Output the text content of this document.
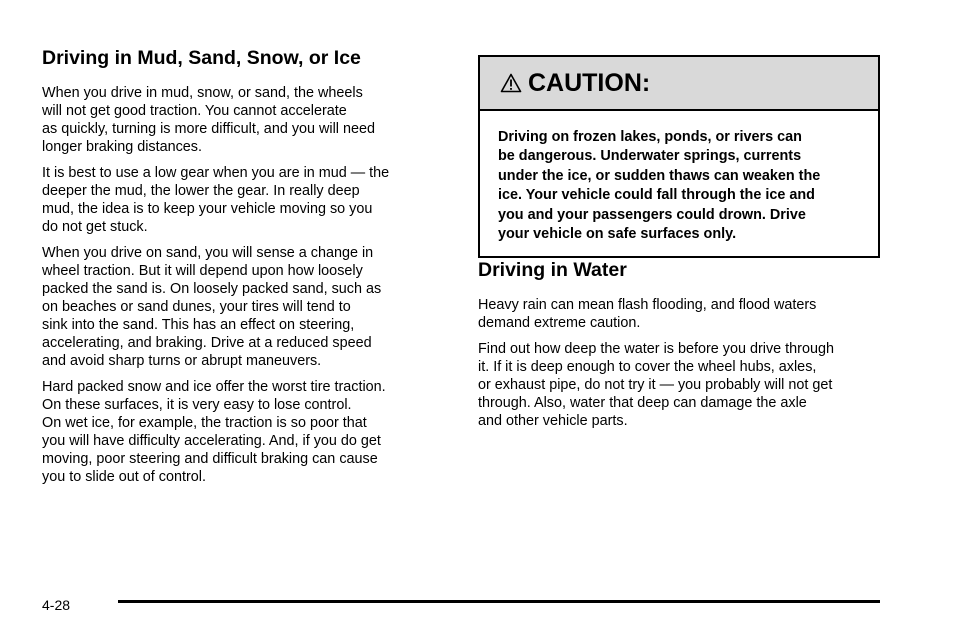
Driving in Mud, Sand, Snow, or Ice

When you drive in mud, snow, or sand, the wheels
will not get good traction. You cannot accelerate
as quickly, turning is more difficult, and you will need
longer braking distances.

It is best to use a low gear when you are in mud — the
deeper the mud, the lower the gear. In really deep
mud, the idea is to keep your vehicle moving so you
do not get stuck.

When you drive on sand, you will sense a change in
wheel traction. But it will depend upon how loosely
packed the sand is. On loosely packed sand, such as
on beaches or sand dunes, your tires will tend to
sink into the sand. This has an effect on steering,
accelerating, and braking. Drive at a reduced speed
and avoid sharp turns or abrupt maneuvers.

Hard packed snow and ice offer the worst tire traction.
On these surfaces, it is very easy to lose control.
On wet ice, for example, the traction is so poor that
you will have difficulty accelerating. And, if you do get
moving, poor steering and difficult braking can cause
you to slide out of control.

CAUTION:
Driving on frozen lakes, ponds, or rivers can
be dangerous. Underwater springs, currents
under the ice, or sudden thaws can weaken the
ice. Your vehicle could fall through the ice and
you and your passengers could drown. Drive
your vehicle on safe surfaces only.
Driving in Water

Heavy rain can mean flash flooding, and flood waters
demand extreme caution.

Find out how deep the water is before you drive through
it. If it is deep enough to cover the wheel hubs, axles,
or exhaust pipe, do not try it — you probably will not get
through. Also, water that deep can damage the axle
and other vehicle parts.

4-28
